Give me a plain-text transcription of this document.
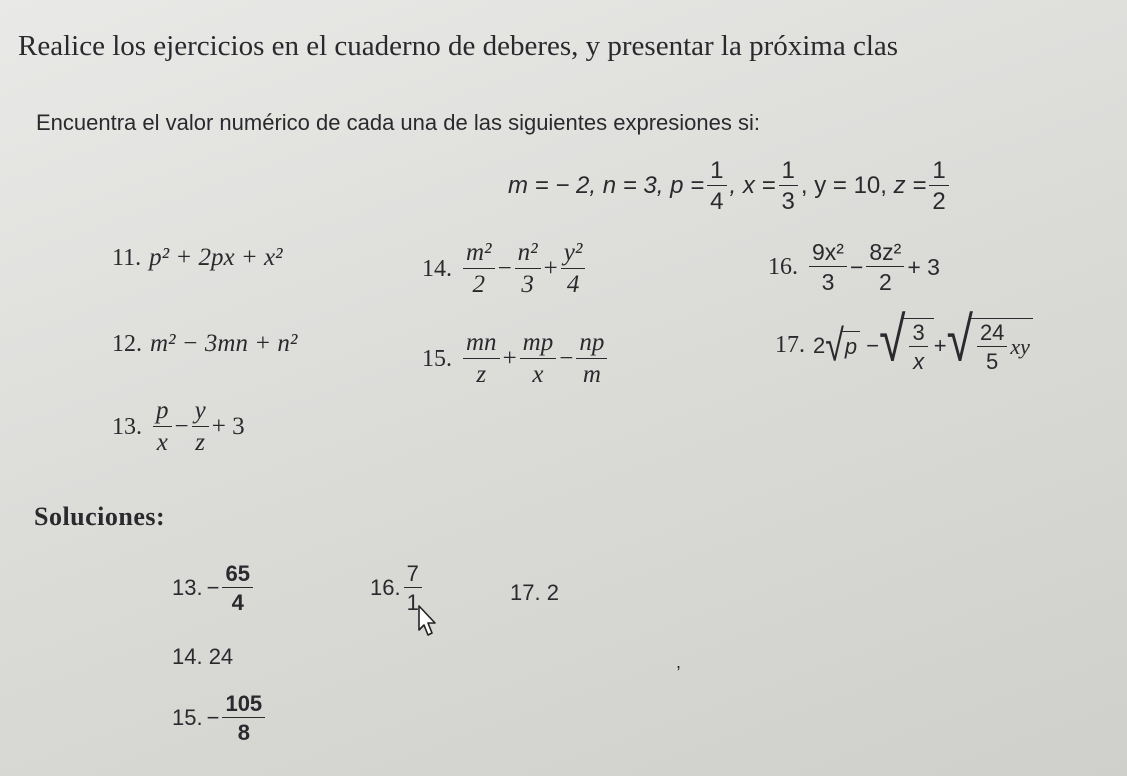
Realice los ejercicios en el cuaderno de deberes, y presentar la próxima clas
Encuentra el valor numérico de cada una de las siguientes expresiones si:
m = − 2,
n = 3,
$p = \frac{1}{4}$ , $x = \frac{1}{3}$ , y = 10,
$z = \frac{1}{2}$
11. p² + 2px + x²
12. m² − 3mn + n²
13. $\frac{p}{x} - \frac{y}{z} + 3$
14. $\frac{\text{m²}}{2} - \frac{\text{n²}}{3} + \frac{\text{y²}}{4}$
15. $\frac{mn}{z} + \frac{mp}{x} - \frac{np}{m}$
16. $\frac{\text{9x²}}{3} - \frac{\text{8z²}}{2} + 3$
17. 2 √ p − √ $\frac{3}{x}$ + √ $\frac{24}{5}$ xy
Soluciones:
13. − $\frac{65}{4}$	16. $\frac{7}{1}$	17. 2
14. 24	,
15. − $\frac{105}{8}$
